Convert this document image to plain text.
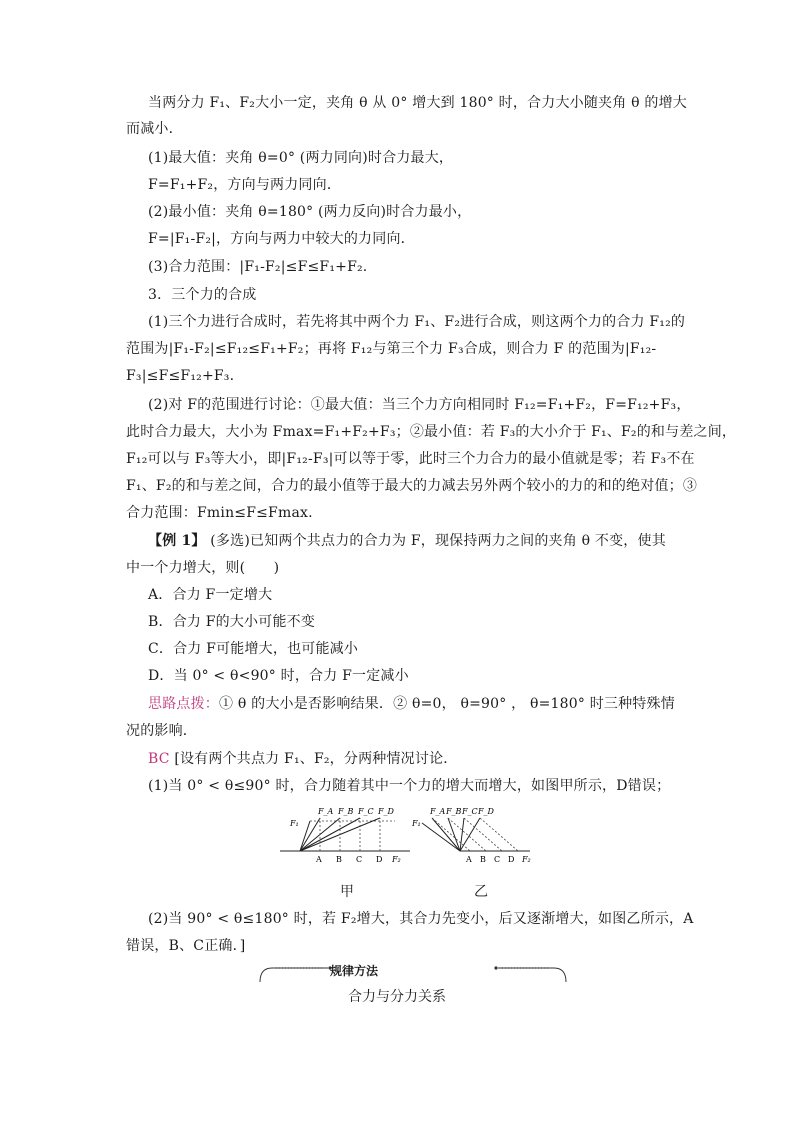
当两分力 F₁、F₂大小一定，夹角 θ 从 0° 增大到 180° 时，合力大小随夹角 θ 的增大
而减小．
(1)最大值：夹角 θ=0° (两力同向)时合力最大，
F=F₁+F₂，方向与两力同向．
(2)最小值：夹角 θ=180° (两力反向)时合力最小，
F=|F₁-F₂|，方向与两力中较大的力同向．
(3)合力范围：|F₁-F₂|≤F≤F₁+F₂.
3．三个力的合成
(1)三个力进行合成时，若先将其中两个力 F₁、F₂进行合成，则这两个力的合力 F₁₂的
范围为|F₁-F₂|≤F₁₂≤F₁+F₂；再将 F₁₂与第三个力 F₃合成，则合力 F 的范围为|F₁₂-
F₃|≤F≤F₁₂+F₃.
(2)对 F的范围进行讨论：①最大值：当三个力方向相同时 F₁₂=F₁+F₂，F=F₁₂+F₃，
此时合力最大，大小为 Fmax=F₁+F₂+F₃；②最小值：若 F₃的大小介于 F₁、F₂的和与差之间，
F₁₂可以与 F₃等大小，即|F₁₂-F₃|可以等于零，此时三个力合力的最小值就是零；若 F₃不在
F₁、F₂的和与差之间，合力的最小值等于最大的力减去另外两个较小的力的和的绝对值；③
合力范围：Fmin≤F≤Fmax.
【例 1】 (多选)已知两个共点力的合力为 F，现保持两力之间的夹角 θ 不变，使其
中一个力增大，则(　　)
A．合力 F一定增大
B．合力 F的大小可能不变
C．合力 F可能增大，也可能减小
D．当 0° < θ<90° 时，合力 F一定减小
思路点拨：① θ 的大小是否影响结果．② θ=0， θ=90° ， θ=180° 时三种特殊情
况的影响．
BC [设有两个共点力 F₁、F₂，分两种情况讨论．
(1)当 0° < θ≤90° 时，合力随着其中一个力的增大而增大，如图甲所示，D错误；
F_A F_B F_C F_D
F₁
A B C D F₂
F_A F_B F_C F_D
F₁
A B C D F₂
甲	乙
(2)当 90° < θ≤180° 时，若 F₂增大，其合力先变小，后又逐渐增大，如图乙所示，A
错误，B、C正确．]
规律方法
合力与分力关系
